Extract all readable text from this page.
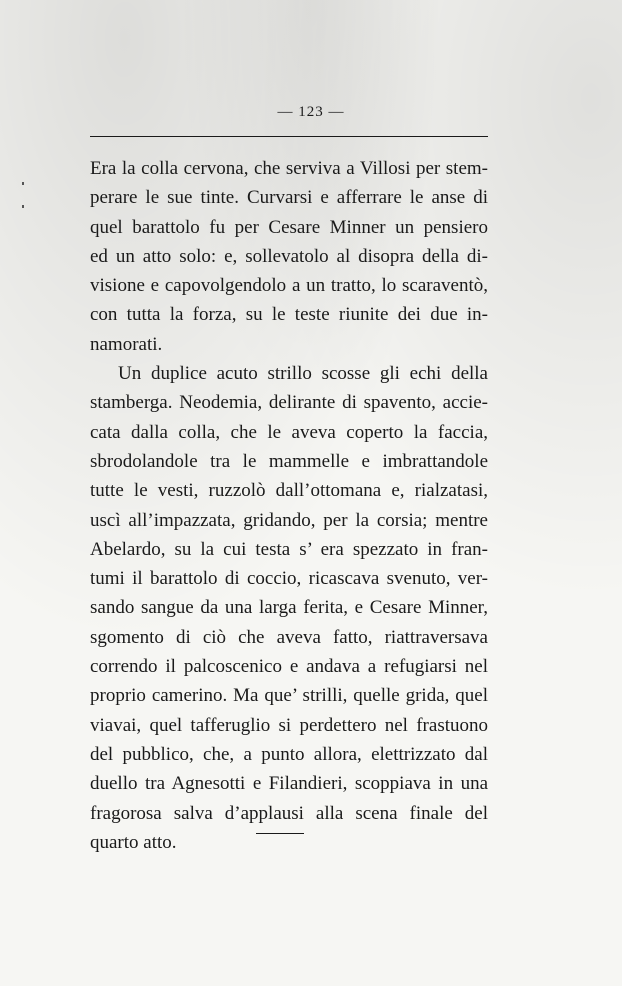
— 123 —
Era la colla cervona, che serviva a Villosi per stem-
perare le sue tinte. Curvarsi e afferrare le anse di
quel barattolo fu per Cesare Minner un pensiero
ed un atto solo: e, sollevatolo al disopra della di-
visione e capovolgendolo a un tratto, lo scaraventò,
con tutta la forza, su le teste riunite dei due in-
namorati.
Un duplice acuto strillo scosse gli echi della
stamberga. Neodemia, delirante di spavento, accie-
cata dalla colla, che le aveva coperto la faccia,
sbrodolandole tra le mammelle e imbrattandole
tutte le vesti, ruzzolò dall’ottomana e, rialzatasi,
uscì all’impazzata, gridando, per la corsia; mentre
Abelardo, su la cui testa s’ era spezzato in fran-
tumi il barattolo di coccio, ricascava svenuto, ver-
sando sangue da una larga ferita, e Cesare Minner,
sgomento di ciò che aveva fatto, riattraversava
correndo il palcoscenico e andava a refugiarsi nel
proprio camerino. Ma que’ strilli, quelle grida, quel
viavai, quel tafferuglio si perdettero nel frastuono
del pubblico, che, a punto allora, elettrizzato dal
duello tra Agnesotti e Filandieri, scoppiava in una
fragorosa salva d’applausi alla scena finale del
quarto atto.
